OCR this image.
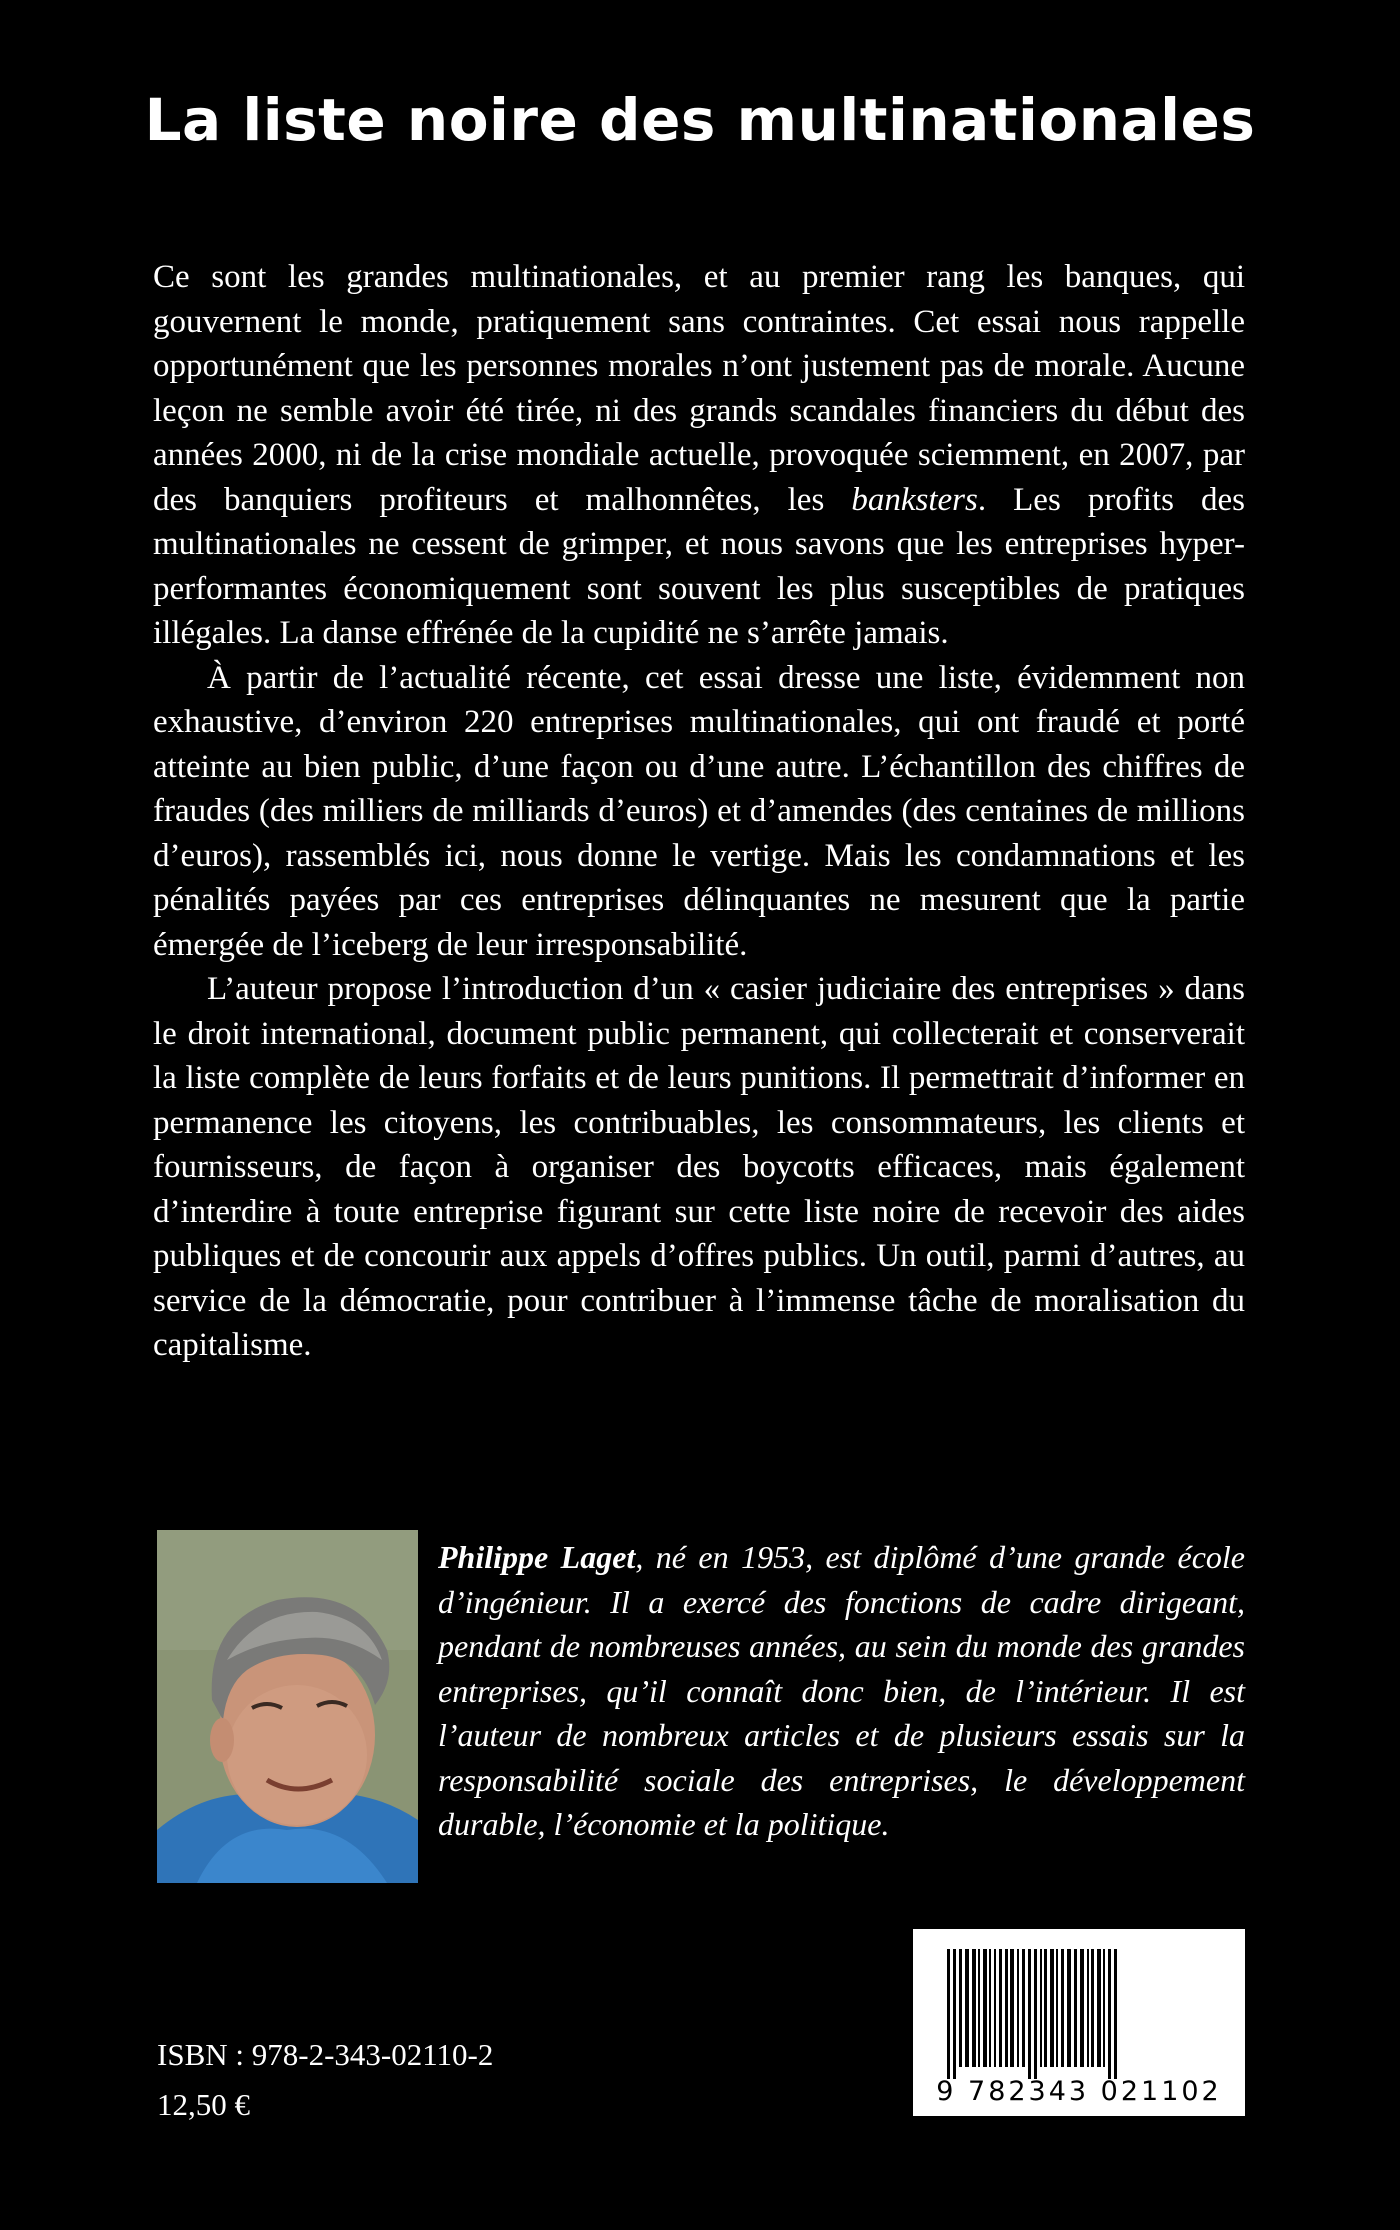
La liste noire des multinationales

Ce sont les grandes multinationales, et au premier rang les banques, qui gouvernent le monde, pratiquement sans contraintes. Cet essai nous rappelle opportunément que les personnes morales n’ont justement pas de morale. Aucune leçon ne semble avoir été tirée, ni des grands scandales financiers du début des années 2000, ni de la crise mondiale actuelle, provoquée sciemment, en 2007, par des banquiers profiteurs et malhonnêtes, les banksters. Les profits des multinationales ne cessent de grimper, et nous savons que les entreprises hyper-performantes économiquement sont souvent les plus susceptibles de pratiques illégales. La danse effrénée de la cupidité ne s’arrête jamais.

À partir de l’actualité récente, cet essai dresse une liste, évidemment non exhaustive, d’environ 220 entreprises multinationales, qui ont fraudé et porté atteinte au bien public, d’une façon ou d’une autre. L’échantillon des chiffres de fraudes (des milliers de milliards d’euros) et d’amendes (des centaines de millions d’euros), rassemblés ici, nous donne le vertige. Mais les condamnations et les pénalités payées par ces entreprises délinquantes ne mesurent que la partie émergée de l’iceberg de leur irresponsabilité.

L’auteur propose l’introduction d’un « casier judiciaire des entreprises » dans le droit international, document public permanent, qui collecterait et conserverait la liste complète de leurs forfaits et de leurs punitions. Il permettrait d’informer en permanence les citoyens, les contribuables, les consommateurs, les clients et fournisseurs, de façon à organiser des boycotts efficaces, mais également d’interdire à toute entreprise figurant sur cette liste noire de recevoir des aides publiques et de concourir aux appels d’offres publics. Un outil, parmi d’autres, au service de la démocratie, pour contribuer à l’immense tâche de moralisation du capitalisme.

Philippe Laget, né en 1953, est diplômé d’une grande école d’ingénieur. Il a exercé des fonctions de cadre dirigeant, pendant de nombreuses années, au sein du monde des grandes entreprises, qu’il connaît donc bien, de l’intérieur. Il est l’auteur de nombreux articles et de plusieurs essais sur la responsabilité sociale des entreprises, le développement durable, l’économie et la politique.
ISBN : 978-2-343-02110-2
12,50 €	9 782343 021102
